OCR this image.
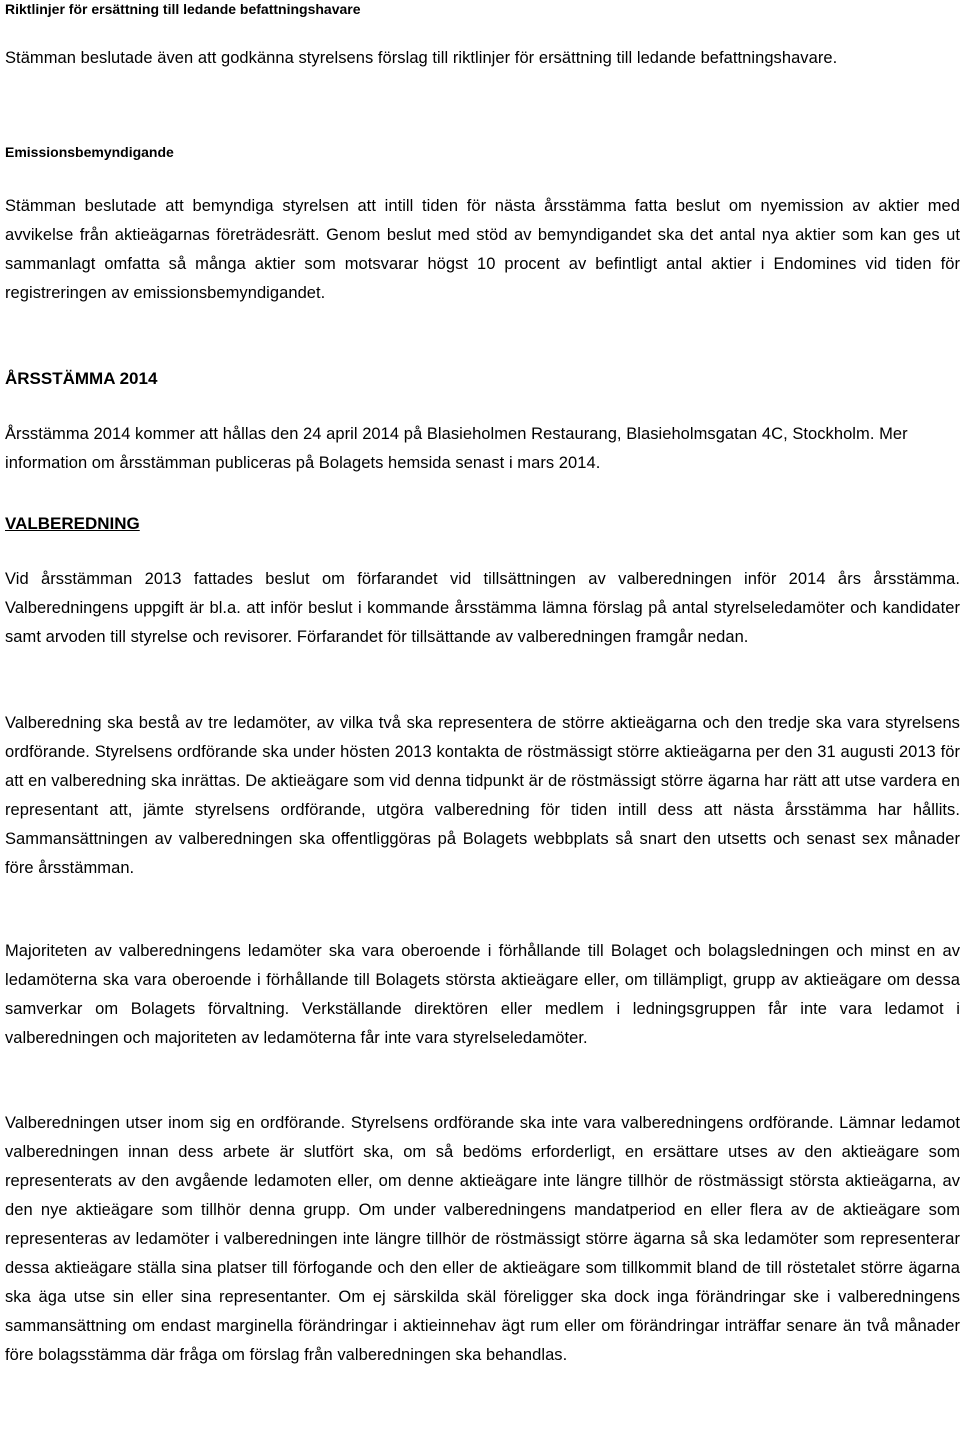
Riktlinjer för ersättning till ledande befattningshavare

Stämman beslutade även att godkänna styrelsens förslag till riktlinjer för ersättning till ledande befattningshavare.

Emissionsbemyndigande

Stämman beslutade att bemyndiga styrelsen att intill tiden för nästa årsstämma fatta beslut om nyemission av aktier med avvikelse från aktieägarnas företrädesrätt. Genom beslut med stöd av bemyndigandet ska det antal nya aktier som kan ges ut sammanlagt omfatta så många aktier som motsvarar högst 10 procent av befintligt antal aktier i Endomines vid tiden för registreringen av emissionsbemyndigandet.

ÅRSSTÄMMA 2014

Årsstämma 2014 kommer att hållas den 24 april 2014 på Blasieholmen Restaurang, Blasieholmsgatan 4C, Stockholm. Mer information om årsstämman publiceras på Bolagets hemsida senast i mars 2014.

VALBEREDNING

Vid årsstämman 2013 fattades beslut om förfarandet vid tillsättningen av valberedningen inför 2014 års årsstämma. Valberedningens uppgift är bl.a. att inför beslut i kommande årsstämma lämna förslag på antal styrelseledamöter och kandidater samt arvoden till styrelse och revisorer. Förfarandet för tillsättande av valberedningen framgår nedan.

Valberedning ska bestå av tre ledamöter, av vilka två ska representera de större aktieägarna och den tredje ska vara styrelsens ordförande. Styrelsens ordförande ska under hösten 2013 kontakta de röstmässigt större aktieägarna per den 31 augusti 2013 för att en valberedning ska inrättas. De aktieägare som vid denna tidpunkt är de röstmässigt större ägarna har rätt att utse vardera en representant att, jämte styrelsens ordförande, utgöra valberedning för tiden intill dess att nästa årsstämma har hållits. Sammansättningen av valberedningen ska offentliggöras på Bolagets webbplats så snart den utsetts och senast sex månader före årsstämman.

Majoriteten av valberedningens ledamöter ska vara oberoende i förhållande till Bolaget och bolagsledningen och minst en av ledamöterna ska vara oberoende i förhållande till Bolagets största aktieägare eller, om tillämpligt, grupp av aktieägare om dessa samverkar om Bolagets förvaltning. Verkställande direktören eller medlem i ledningsgruppen får inte vara ledamot i valberedningen och majoriteten av ledamöterna får inte vara styrelseledamöter.

Valberedningen utser inom sig en ordförande. Styrelsens ordförande ska inte vara valberedningens ordförande. Lämnar ledamot valberedningen innan dess arbete är slutfört ska, om så bedöms erforderligt, en ersättare utses av den aktieägare som representerats av den avgående ledamoten eller, om denne aktieägare inte längre tillhör de röstmässigt största aktieägarna, av den nye aktieägare som tillhör denna grupp. Om under valberedningens mandatperiod en eller flera av de aktieägare som representeras av ledamöter i valberedningen inte längre tillhör de röstmässigt större ägarna så ska ledamöter som representerar dessa aktieägare ställa sina platser till förfogande och den eller de aktieägare som tillkommit bland de till röstetalet större ägarna ska äga utse sin eller sina representanter. Om ej särskilda skäl föreligger ska dock inga förändringar ske i valberedningens sammansättning om endast marginella förändringar i aktieinnehav ägt rum eller om förändringar inträffar senare än två månader före bolagsstämma där fråga om förslag från valberedningen ska behandlas.
